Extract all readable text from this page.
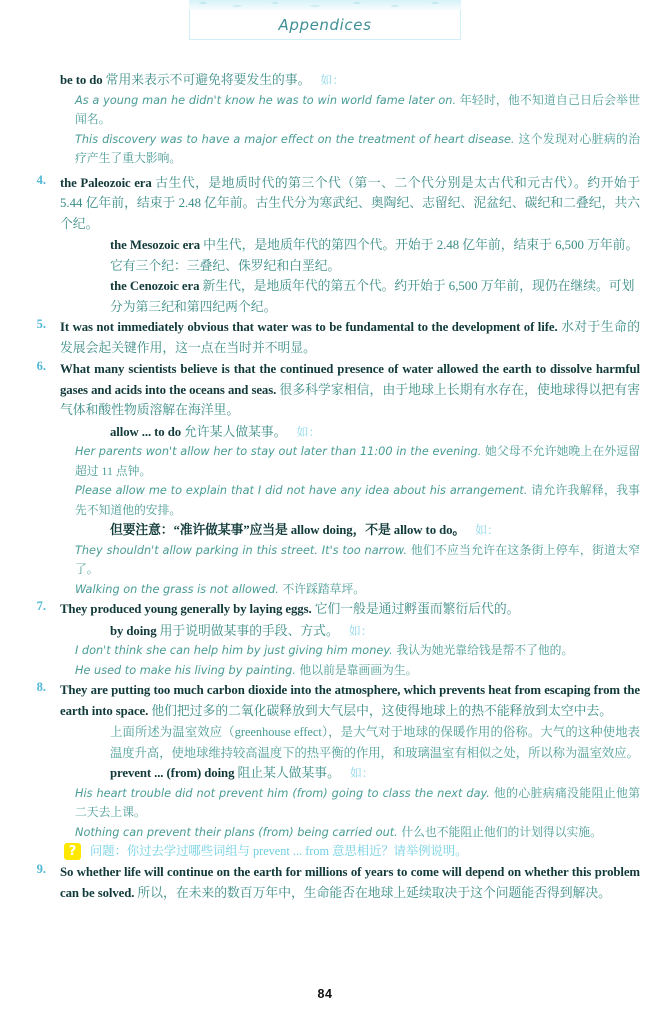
Appendices
be to do 常用来表示不可避免将要发生的事。 如：
As a young man he didn't know he was to win world fame later on. 年轻时，他不知道自己日后会举世闻名。
This discovery was to have a major effect on the treatment of heart disease. 这个发现对心脏病的治疗产生了重大影响。
4. the Paleozoic era 古生代，是地质时代的第三个代（第一、二个代分别是太古代和元古代）。约开始于 5.44 亿年前，结束于 2.48 亿年前。古生代分为寒武纪、奥陶纪、志留纪、泥盆纪、碳纪和二叠纪，共六个纪。
the Mesozoic era 中生代，是地质年代的第四个代。开始于 2.48 亿年前，结束于 6,500 万年前。它有三个纪：三叠纪、侏罗纪和白垩纪。
the Cenozoic era 新生代，是地质年代的第五个代。约开始于 6,500 万年前，现仍在继续。可划分为第三纪和第四纪两个纪。
5. It was not immediately obvious that water was to be fundamental to the development of life. 水对于生命的发展会起关键作用，这一点在当时并不明显。
6. What many scientists believe is that the continued presence of water allowed the earth to dissolve harmful gases and acids into the oceans and seas. 很多科学家相信，由于地球上长期有水存在，使地球得以把有害气体和酸性物质溶解在海洋里。
allow ... to do 允许某人做某事。 如：
Her parents won't allow her to stay out later than 11:00 in the evening. 她父母不允许她晚上在外逗留超过 11 点钟。
Please allow me to explain that I did not have any idea about his arrangement. 请允许我解释，我事先不知道他的安排。
但要注意：“准许做某事”应当是 allow doing，不是 allow to do。 如：
They shouldn't allow parking in this street. It's too narrow. 他们不应当允许在这条街上停车，街道太窄了。
Walking on the grass is not allowed. 不许踩踏草坪。
7. They produced young generally by laying eggs. 它们一般是通过孵蛋而繁衍后代的。
by doing 用于说明做某事的手段、方式。 如：
I don't think she can help him by just giving him money. 我认为她光靠给钱是帮不了他的。
He used to make his living by painting. 他以前是靠画画为生。
8. They are putting too much carbon dioxide into the atmosphere, which prevents heat from escaping from the earth into space. 他们把过多的二氧化碳释放到大气层中，这使得地球上的热不能释放到太空中去。
上面所述为温室效应（greenhouse effect），是大气对于地球的保暖作用的俗称。大气的这种使地表温度升高，使地球维持较高温度下的热平衡的作用，和玻璃温室有相似之处，所以称为温室效应。
prevent ... (from) doing 阻止某人做某事。 如：
His heart trouble did not prevent him (from) going to class the next day. 他的心脏病痛没能阻止他第二天去上课。
Nothing can prevent their plans (from) being carried out. 什么也不能阻止他们的计划得以实施。
?	问题：你过去学过哪些词组与 prevent ... from 意思相近？请举例说明。
9. So whether life will continue on the earth for millions of years to come will depend on whether this problem can be solved. 所以，在未来的数百万年中，生命能否在地球上延续取决于这个问题能否得到解决。
84
